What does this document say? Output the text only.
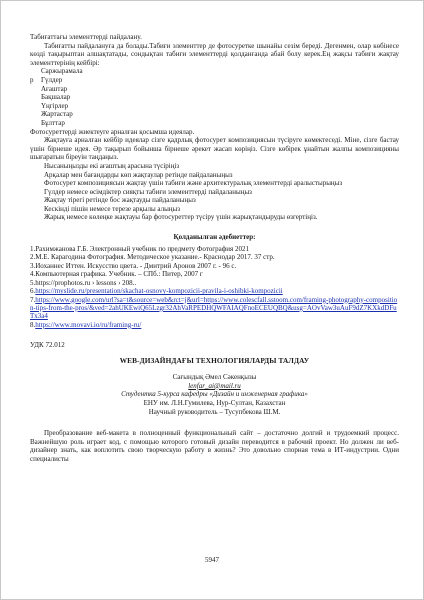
Табиғаттағы элементтерді пайдалану.

Табиғатты пайдалануға да болады.Табиғи элементтер де фотосуретке шынайы сезім береді. Дегенмен, олар көбінесе көзді тақырыптан алшақтатады, сондықтан табиғи элементтерді қолданғанда абай болу керек.Ең жақсы табиғи жақтау элементтерінің кейбірі:

Саржырамала
р Гүлдер
Ағаштар
Бақшалар
Үңгірлер
Жартастар
Бұлттар

Фотосуреттерді жиектеуге арналған қосымша идеялар.

Жақтауға арналған кейбір идеялар сізге қадрлық фотосурет композициясын түсіруге көмектеседі. Міне, сізге бастау үшін бірнеше идея. Әр тақырып бойынша бірнеше әрекет жасап көріңіз. Сізге көбірек ұнайтын жалпы композицияны шығаратын біреуін таңдаңыз.

Нысаныңызды екі ағаштың арасына түсіріңіз
Арқалар мен бағандарды көп жақтаулар ретінде пайдаланыңыз
Фотосурет композициясын жақтау үшін табиғи және архитектуралық элементтерді аралыстырыңыз
Гүлдер немесе өсімдіктер сияқты табиғи элементтерді пайдаланыңыз
Жақтау тірегі ретінде бос жақтауды пайдаланыңыз
Кескінді пішін немесе терезе арқылы алыңыз
Жарық немесе көлеңке жақтауы бар фотосуреттер түсіру үшін жарықтандыруды өзгертіңіз.

Қолданылған әдебиеттер:

1.Рахимжанова Г.Б. Электронный учебник по предмету Фотография 2021

2.М.Е. Карагодина Фотография. Методическое указание.- Краснодар 2017. 37 стр.

3.Иоханнес Иттен. Искусство цвета. - Дмитрий Аронов 2007 г. - 96 с.

4.Компьютерная графика. Учебник. – СПб.: Питер, 2007 г

5.https://prophotos.ru › lessons › 208..

6.https://myslide.ru/presentation/skachat-osnovy-kompozicii-pravila-i-oshibki-kompozicii

7.https://www.google.com/url?sa=t&source=web&rct=j&url=https://www.colescfall.sstoom.com/framing-photography-composition-tips-from-the-pros/&ved=2ahUKEwiQ65Lzgr32AhVaRPEDHQWFAIAQFnoECEUQBQ&usg=AOvVaw3uAuF9dZ7KXkdDFuTx3a4

8.https://www.movavi.io/ru/framing-ru/

УДК 72.012

WEB-ДИЗАЙНДАҒЫ ТЕХНОЛОГИЯЛАРДЫ ТАЛДАУ

Сағындық Әмел Сәкенқызы

lenfar_ai@mail.ru

Студентка 5-курса кафедры «Дизайн и инженерная графика»

ЕНУ им. Л.Н.Гумилева, Нур-Султан, Казахстан

Научный руководитель – Тусупбекова Ш.М.

Преобразование веб-макета в полноценный функциональный сайт – достаточно долгий и трудоемкий процесс. Важнейшую роль играет код, с помощью которого готовый дизайн переводится в рабочий проект. Но должен ли веб-дизайнер знать, как воплотить свою творческую работу в жизнь? Это довольно спорная тема в ИТ-индустрии. Одни специалисты

5947
